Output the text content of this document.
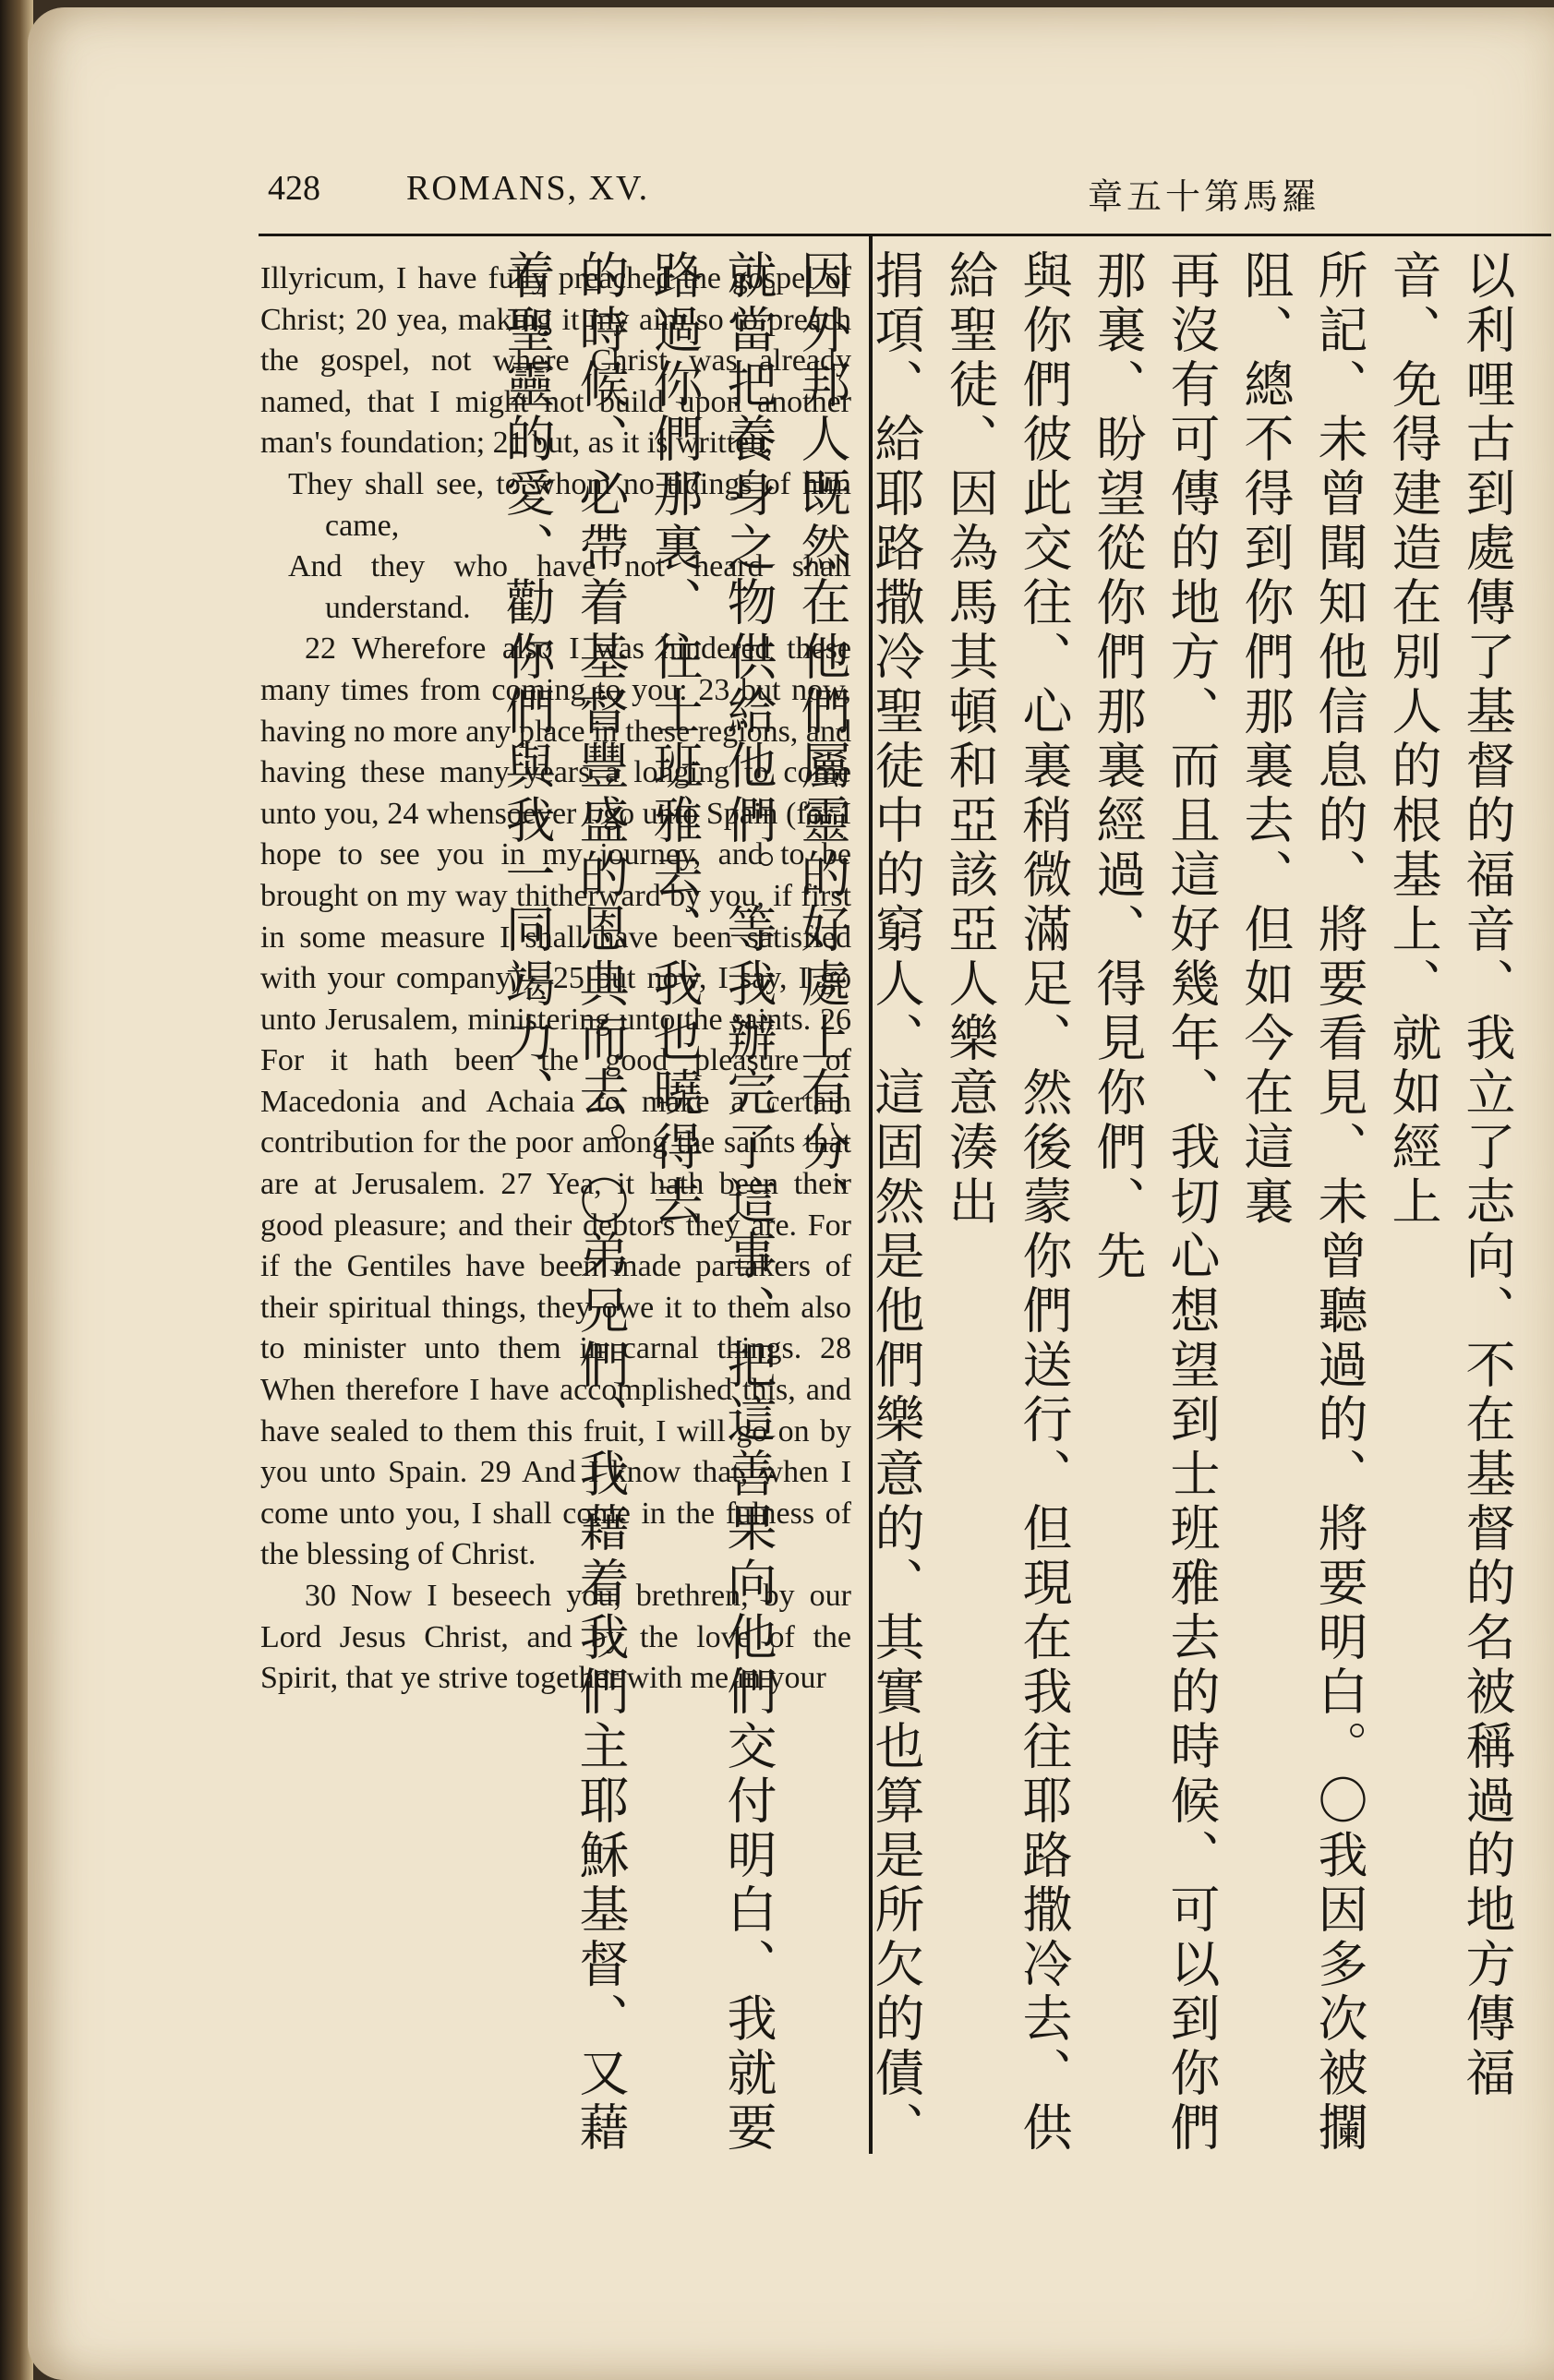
428 ROMANS, XV.	章五十第馬羅

Illyricum, I have fully preached the gospel of Christ; 20 yea, making it my aim so to preach the gospel, not where Christ was already named, that I might not build upon another man's foundation; 21 but, as it is written,

They shall see, to whom no tidings of him came,

And they who have not heard shall understand.

22 Wherefore also I was hindered these many times from coming to you: 23 but now, having no more any place in these regions, and having these many years a longing to come unto you, 24 whensoever I go unto Spain (for I hope to see you in my journey, and to be brought on my way thitherward by you, if first in some measure I shall have been satisfied with your company)—25 but now, I say, I go unto Jerusalem, ministering unto the saints. 26 For it hath been the good pleasure of Macedonia and Achaia to make a certain contribution for the poor among the saints that are at Jerusalem. 27 Yea, it hath been their good pleasure; and their debtors they are. For if the Gentiles have been made partakers of their spiritual things, they owe it to them also to minister unto them in carnal things. 28 When therefore I have accomplished this, and have sealed to them this fruit, I will go on by you unto Spain. 29 And I know that, when I come unto you, I shall come in the fulness of the blessing of Christ.

30 Now I beseech you, brethren, by our Lord Jesus Christ, and by the love of the Spirit, that ye strive together with me in your	以利哩古到處傳了基督的福音、我立了志向、不在基督的名被稱過的地方傳福音、免得建造在別人的根基上、就如經上
所記、未曾聞知他信息的、將要看見、未曾聽過的、將要明白。〇我因多次被攔阻、總不得到你們那裏去、但如今在這裏
再沒有可傳的地方、而且這好幾年、我切心想望到士班雅去的時候、可以到你們那裏、盼望從你們那裏經過、得見你們、先
與你們彼此交往、心裏稍微滿足、然後蒙你們送行、但現在我往耶路撒冷去、供給聖徒、因為馬其頓和亞該亞人樂意湊出
捐項、給耶路撒冷聖徒中的窮人、這固然是他們樂意的、其實也算是所欠的債、因外邦人既然在他們屬靈的好處上有分、
就當把養身之物供給他們。等我辦完了這事、把這善果向他們交付明白、我就要路過你們那裏、往士班雅去、我也曉得去
的時候、必帶着基督豐盛的恩典而去。〇弟兄們、我藉着我們主耶穌基督、又藉着聖靈的愛、勸你們與我一同竭力、
